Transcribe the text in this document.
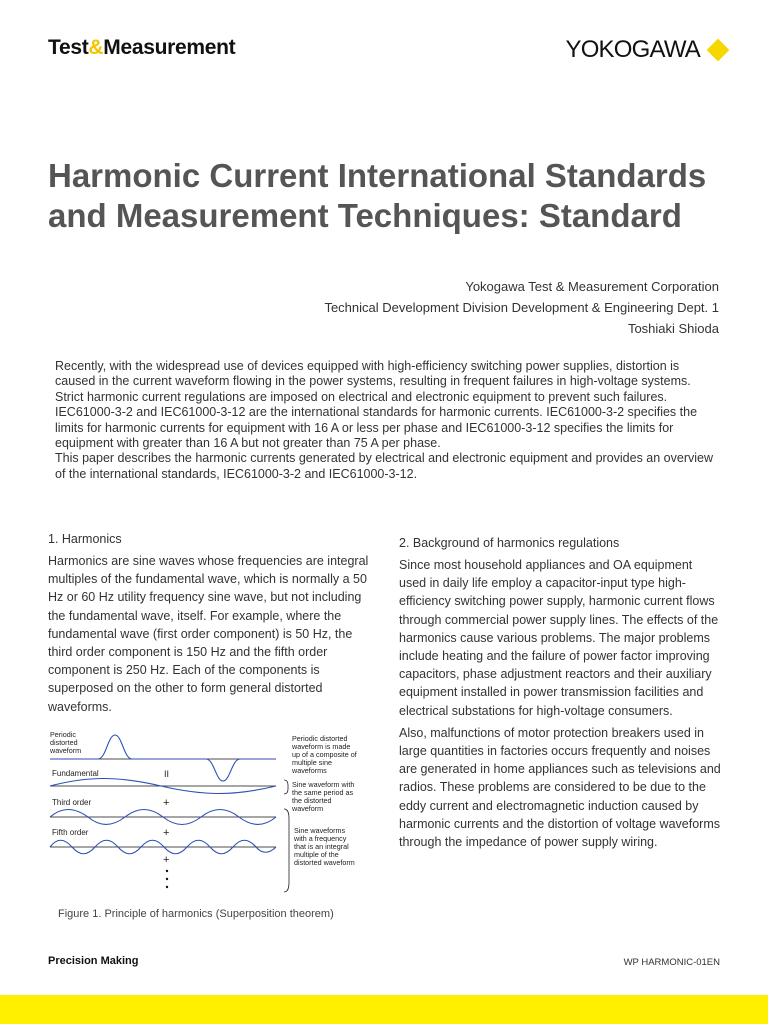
Test&Measurement	YOKOGAWA
Harmonic Current International Standards
and Measurement Techniques: Standard
Yokogawa Test & Measurement Corporation
Technical Development Division Development & Engineering Dept. 1
Toshiaki Shioda

Recently, with the widespread use of devices equipped with high-efficiency switching power supplies, distortion is caused in the current waveform flowing in the power systems, resulting in frequent failures in high-voltage systems. Strict harmonic current regulations are imposed on electrical and electronic equipment to prevent such failures.

IEC61000-3-2 and IEC61000-3-12 are the international standards for harmonic currents. IEC61000-3-2 specifies the limits for harmonic currents for equipment with 16 A or less per phase and IEC61000-3-12 specifies the limits for equipment with greater than 16 A but not greater than 75 A per phase.

This paper describes the harmonic currents generated by electrical and electronic equipment and provides an overview of the international standards, IEC61000-3-2 and IEC61000-3-12.

1. Harmonics

Harmonics are sine waves whose frequencies are integral multiples of the fundamental wave, which is normally a 50 Hz or 60 Hz utility frequency sine wave, but not including the fundamental wave, itself. For example, where the fundamental wave (first order component) is 50 Hz, the third order component is 150 Hz and the fifth order component is 250 Hz. Each of the components is superposed on the other to form general distorted waveforms.

Periodic distorted waveform
Fundamental
Third order
Fifth order
II
+
+
+
Periodic distorted waveform is made up of a composite of multiple sine waveforms
Sine waveform with the same period as the distorted waveform
Sine waveforms with a frequency that is an integral multiple of the distorted waveform
Figure 1. Principle of harmonics (Superposition theorem)
2. Background of harmonics regulations

Since most household appliances and OA equipment used in daily life employ a capacitor-input type high-efficiency switching power supply, harmonic current flows through commercial power supply lines. The effects of the harmonics cause various problems. The major problems include heating and the failure of power factor improving capacitors, phase adjustment reactors and their auxiliary equipment installed in power transmission facilities and electrical substations for high-voltage consumers.

Also, malfunctions of motor protection breakers used in large quantities in factories occurs frequently and noises are generated in home appliances such as televisions and radios. These problems are considered to be due to the eddy current and electromagnetic induction caused by harmonic currents and the distortion of voltage waveforms through the impedance of power supply wiring.

Precision Making	WP HARMONIC-01EN
